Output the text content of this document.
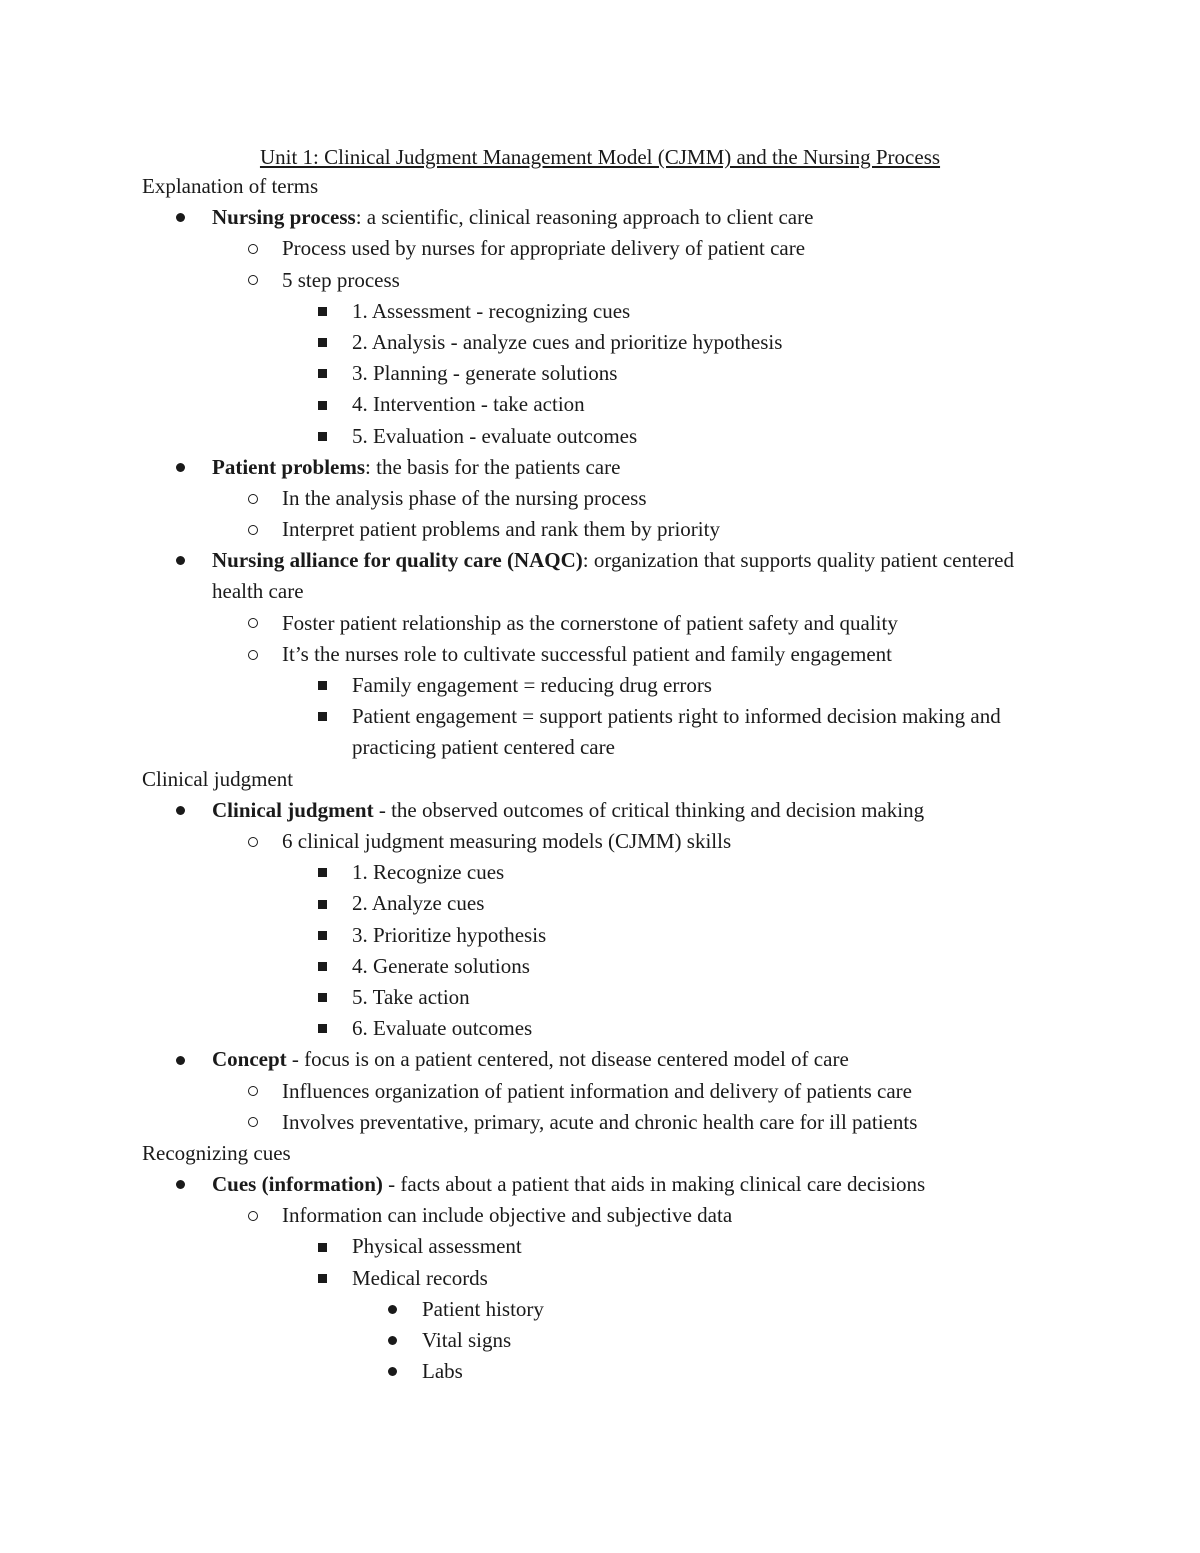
Unit 1: Clinical Judgment Management Model (CJMM) and the Nursing Process
Explanation of terms
Nursing process: a scientific, clinical reasoning approach to client care
Process used by nurses for appropriate delivery of patient care
5 step process
1. Assessment - recognizing cues
2. Analysis - analyze cues and prioritize hypothesis
3. Planning - generate solutions
4. Intervention - take action
5. Evaluation - evaluate outcomes
Patient problems: the basis for the patients care
In the analysis phase of the nursing process
Interpret patient problems and rank them by priority
Nursing alliance for quality care (NAQC): organization that supports quality patient centered health care
Foster patient relationship as the cornerstone of patient safety and quality
It’s the nurses role to cultivate successful patient and family engagement
Family engagement = reducing drug errors
Patient engagement = support patients right to informed decision making and practicing patient centered care
Clinical judgment
Clinical judgment - the observed outcomes of critical thinking and decision making
6 clinical judgment measuring models (CJMM) skills
1. Recognize cues
2. Analyze cues
3. Prioritize hypothesis
4. Generate solutions
5. Take action
6. Evaluate outcomes
Concept - focus is on a patient centered, not disease centered model of care
Influences organization of patient information and delivery of patients care
Involves preventative, primary, acute and chronic health care for ill patients
Recognizing cues
Cues (information) - facts about a patient that aids in making clinical care decisions
Information can include objective and subjective data
Physical assessment
Medical records
Patient history
Vital signs
Labs
